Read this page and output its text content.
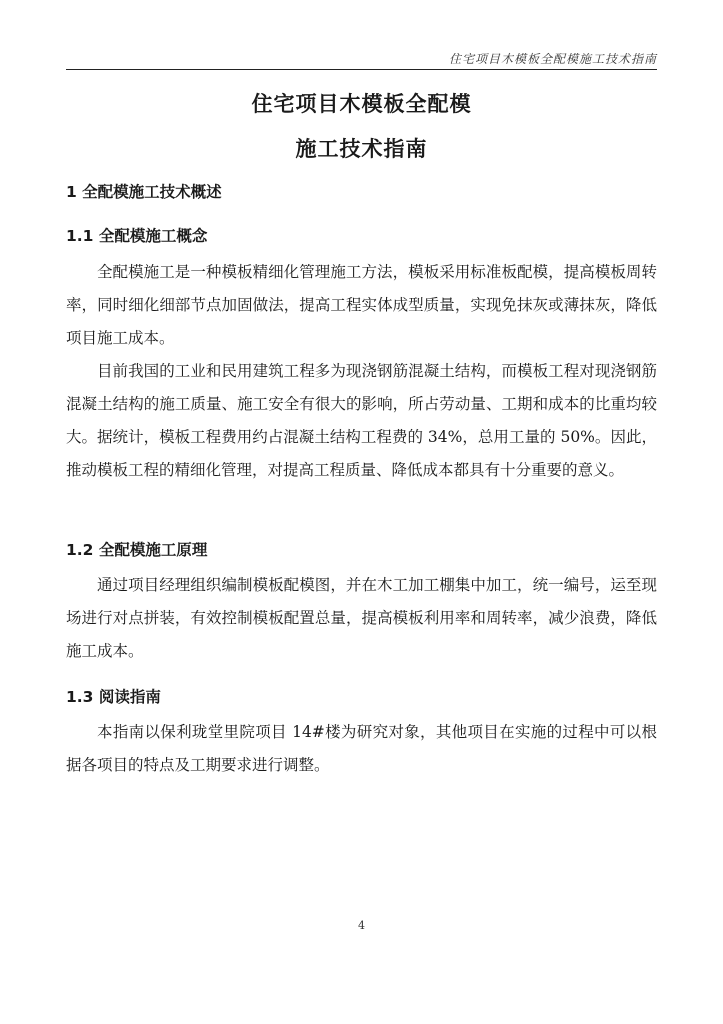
住宅项目木模板全配模施工技术指南
住宅项目木模板全配模
施工技术指南
1 全配模施工技术概述
1.1 全配模施工概念
全配模施工是一种模板精细化管理施工方法，模板采用标准板配模，提高模板周转率，同时细化细部节点加固做法，提高工程实体成型质量，实现免抹灰或薄抹灰，降低项目施工成本。
目前我国的工业和民用建筑工程多为现浇钢筋混凝土结构，而模板工程对现浇钢筋混凝土结构的施工质量、施工安全有很大的影响，所占劳动量、工期和成本的比重均较大。据统计，模板工程费用约占混凝土结构工程费的 34%，总用工量的 50%。因此，推动模板工程的精细化管理，对提高工程质量、降低成本都具有十分重要的意义。
1.2 全配模施工原理
通过项目经理组织编制模板配模图，并在木工加工棚集中加工，统一编号，运至现场进行对点拼装，有效控制模板配置总量，提高模板利用率和周转率，减少浪费，降低施工成本。
1.3 阅读指南
本指南以保利珑堂里院项目 14#楼为研究对象，其他项目在实施的过程中可以根据各项目的特点及工期要求进行调整。
4
